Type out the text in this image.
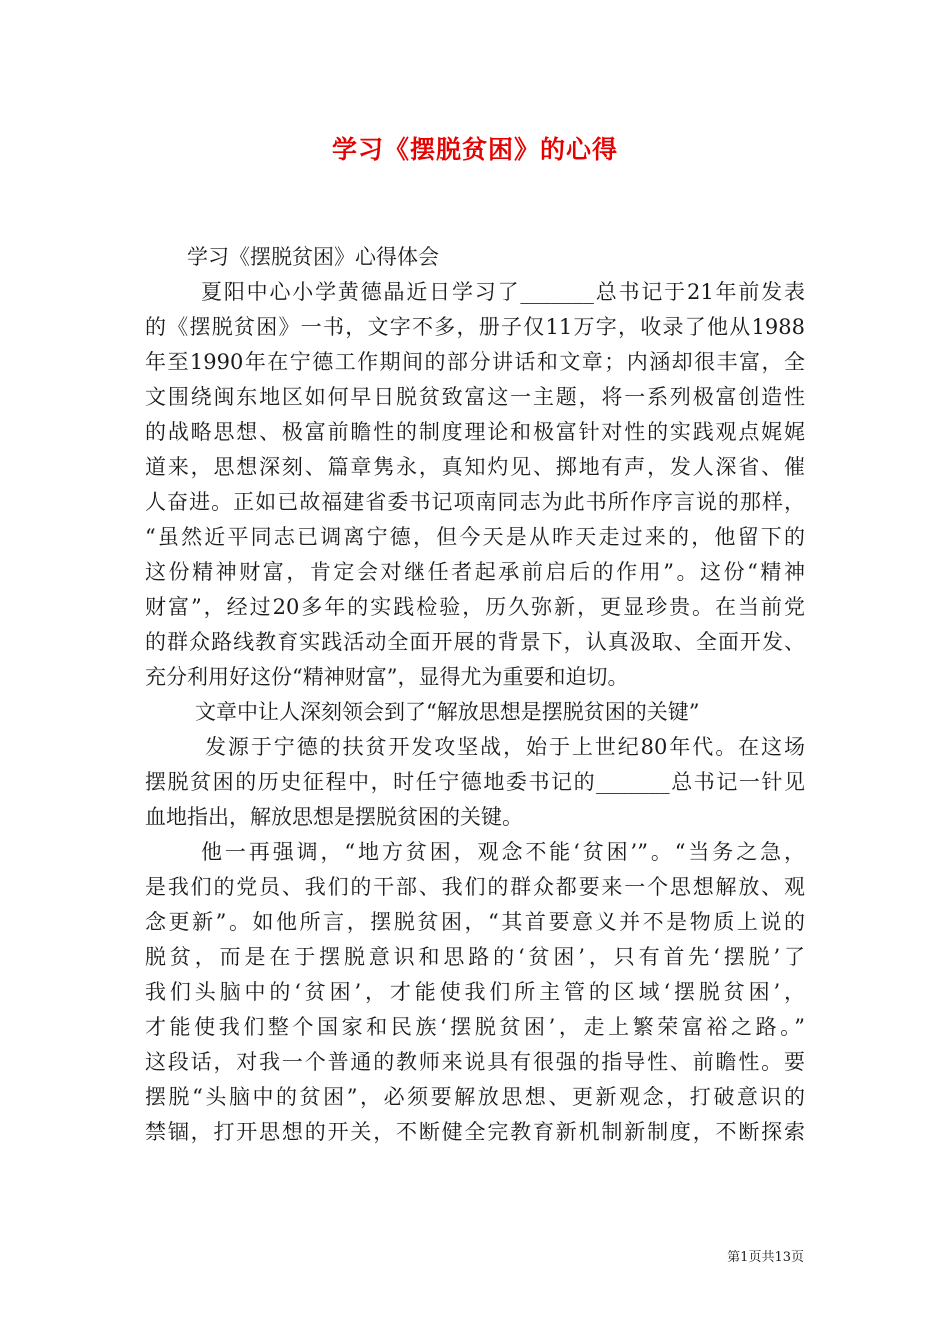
学习《摆脱贫困》的心得
学习《摆脱贫困》心得体会
夏阳中心小学黄德晶近日学习了_______总书记于21年前发表
的《摆脱贫困》一书，文字不多，册子仅11万字，收录了他从1988
年至1990年在宁德工作期间的部分讲话和文章；内涵却很丰富，全
文围绕闽东地区如何早日脱贫致富这一主题，将一系列极富创造性
的战略思想、极富前瞻性的制度理论和极富针对性的实践观点娓娓
道来，思想深刻、篇章隽永，真知灼见、掷地有声，发人深省、催
人奋进。正如已故福建省委书记项南同志为此书所作序言说的那样，
“虽然近平同志已调离宁德，但今天是从昨天走过来的，他留下的
这份精神财富，肯定会对继任者起承前启后的作用”。这份“精神
财富”，经过20多年的实践检验，历久弥新，更显珍贵。在当前党
的群众路线教育实践活动全面开展的背景下，认真汲取、全面开发、
充分利用好这份“精神财富”，显得尤为重要和迫切。
文章中让人深刻领会到了“解放思想是摆脱贫困的关键”
发源于宁德的扶贫开发攻坚战，始于上世纪80年代。在这场
摆脱贫困的历史征程中，时任宁德地委书记的_______总书记一针见
血地指出，解放思想是摆脱贫困的关键。
他一再强调，“地方贫困，观念不能‘贫困’”。“当务之急，
是我们的党员、我们的干部、我们的群众都要来一个思想解放、观
念更新”。如他所言，摆脱贫困，“其首要意义并不是物质上说的
脱贫，而是在于摆脱意识和思路的‘贫困’，只有首先‘摆脱’了
我们头脑中的‘贫困’，才能使我们所主管的区域‘摆脱贫困’，
才能使我们整个国家和民族‘摆脱贫困’，走上繁荣富裕之路。”
这段话，对我一个普通的教师来说具有很强的指导性、前瞻性。要
摆脱“头脑中的贫困”，必须要解放思想、更新观念，打破意识的
禁锢，打开思想的开关，不断健全完教育新机制新制度，不断探索
第1页共13页
